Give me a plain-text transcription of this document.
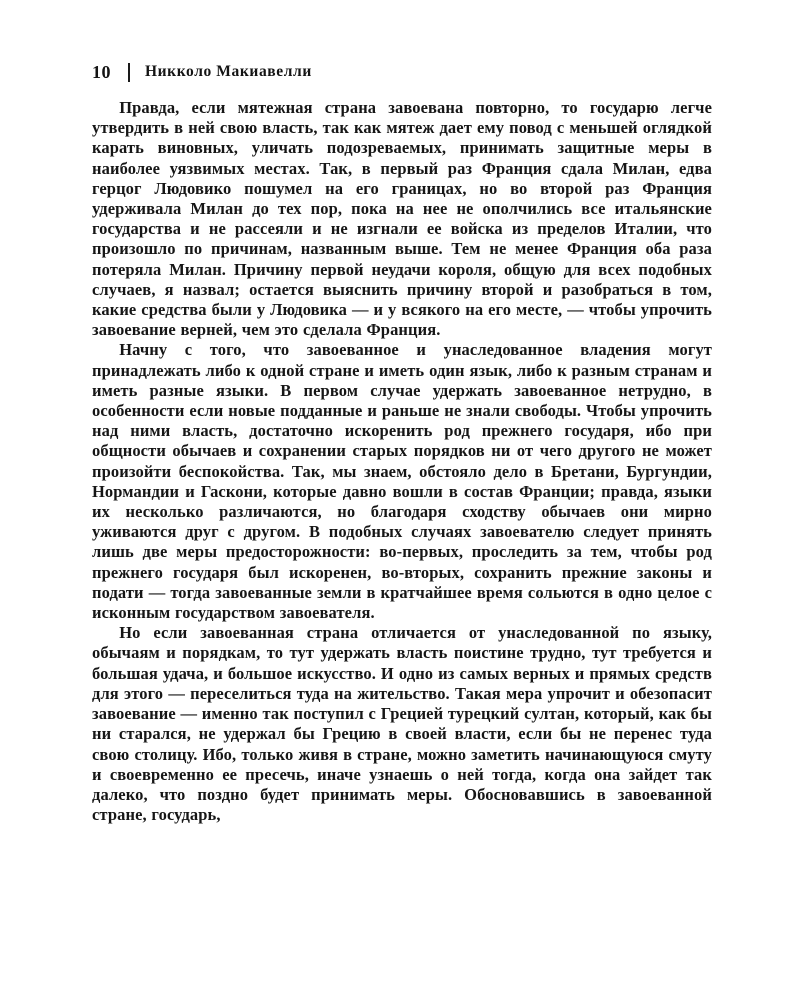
10 Никколо Макиавелли

Правда, если мятежная страна завоевана повторно, то государю легче утвердить в ней свою власть, так как мятеж дает ему повод с меньшей оглядкой карать виновных, уличать подозреваемых, принимать защитные меры в наиболее уязвимых местах. Так, в первый раз Франция сдала Милан, едва герцог Людовико пошумел на его границах, но во второй раз Франция удерживала Милан до тех пор, пока на нее не ополчились все итальянские государства и не рассеяли и не изгнали ее войска из пределов Италии, что произошло по причинам, названным выше. Тем не менее Франция оба раза потеряла Милан. Причину первой неудачи короля, общую для всех подобных случаев, я назвал; остается выяснить причину второй и разобраться в том, какие средства были у Людовика — и у всякого на его месте, — чтобы упрочить завоевание верней, чем это сделала Франция.

Начну с того, что завоеванное и унаследованное владения могут принадлежать либо к одной стране и иметь один язык, либо к разным странам и иметь разные языки. В первом случае удержать завоеванное нетрудно, в особенности если новые подданные и раньше не знали свободы. Чтобы упрочить над ними власть, достаточно искоренить род прежнего государя, ибо при общности обычаев и сохранении старых порядков ни от чего другого не может произойти беспокойства. Так, мы знаем, обстояло дело в Бретани, Бургундии, Нормандии и Гаскони, которые давно вошли в состав Франции; правда, языки их несколько различаются, но благодаря сходству обычаев они мирно уживаются друг с другом. В подобных случаях завоевателю следует принять лишь две меры предосторожности: во-первых, проследить за тем, чтобы род прежнего государя был искоренен, во-вторых, сохранить прежние законы и подати — тогда завоеванные земли в кратчайшее время сольются в одно целое с исконным государством завоевателя.

Но если завоеванная страна отличается от унаследованной по языку, обычаям и порядкам, то тут удержать власть поистине трудно, тут требуется и большая удача, и большое искусство. И одно из самых верных и прямых средств для этого — переселиться туда на жительство. Такая мера упрочит и обезопасит завоевание — именно так поступил с Грецией турецкий султан, который, как бы ни старался, не удержал бы Грецию в своей власти, если бы не перенес туда свою столицу. Ибо, только живя в стране, можно заметить начинающуюся смуту и своевременно ее пресечь, иначе узнаешь о ней тогда, когда она зайдет так далеко, что поздно будет принимать меры. Обосновавшись в завоеванной стране, государь,
